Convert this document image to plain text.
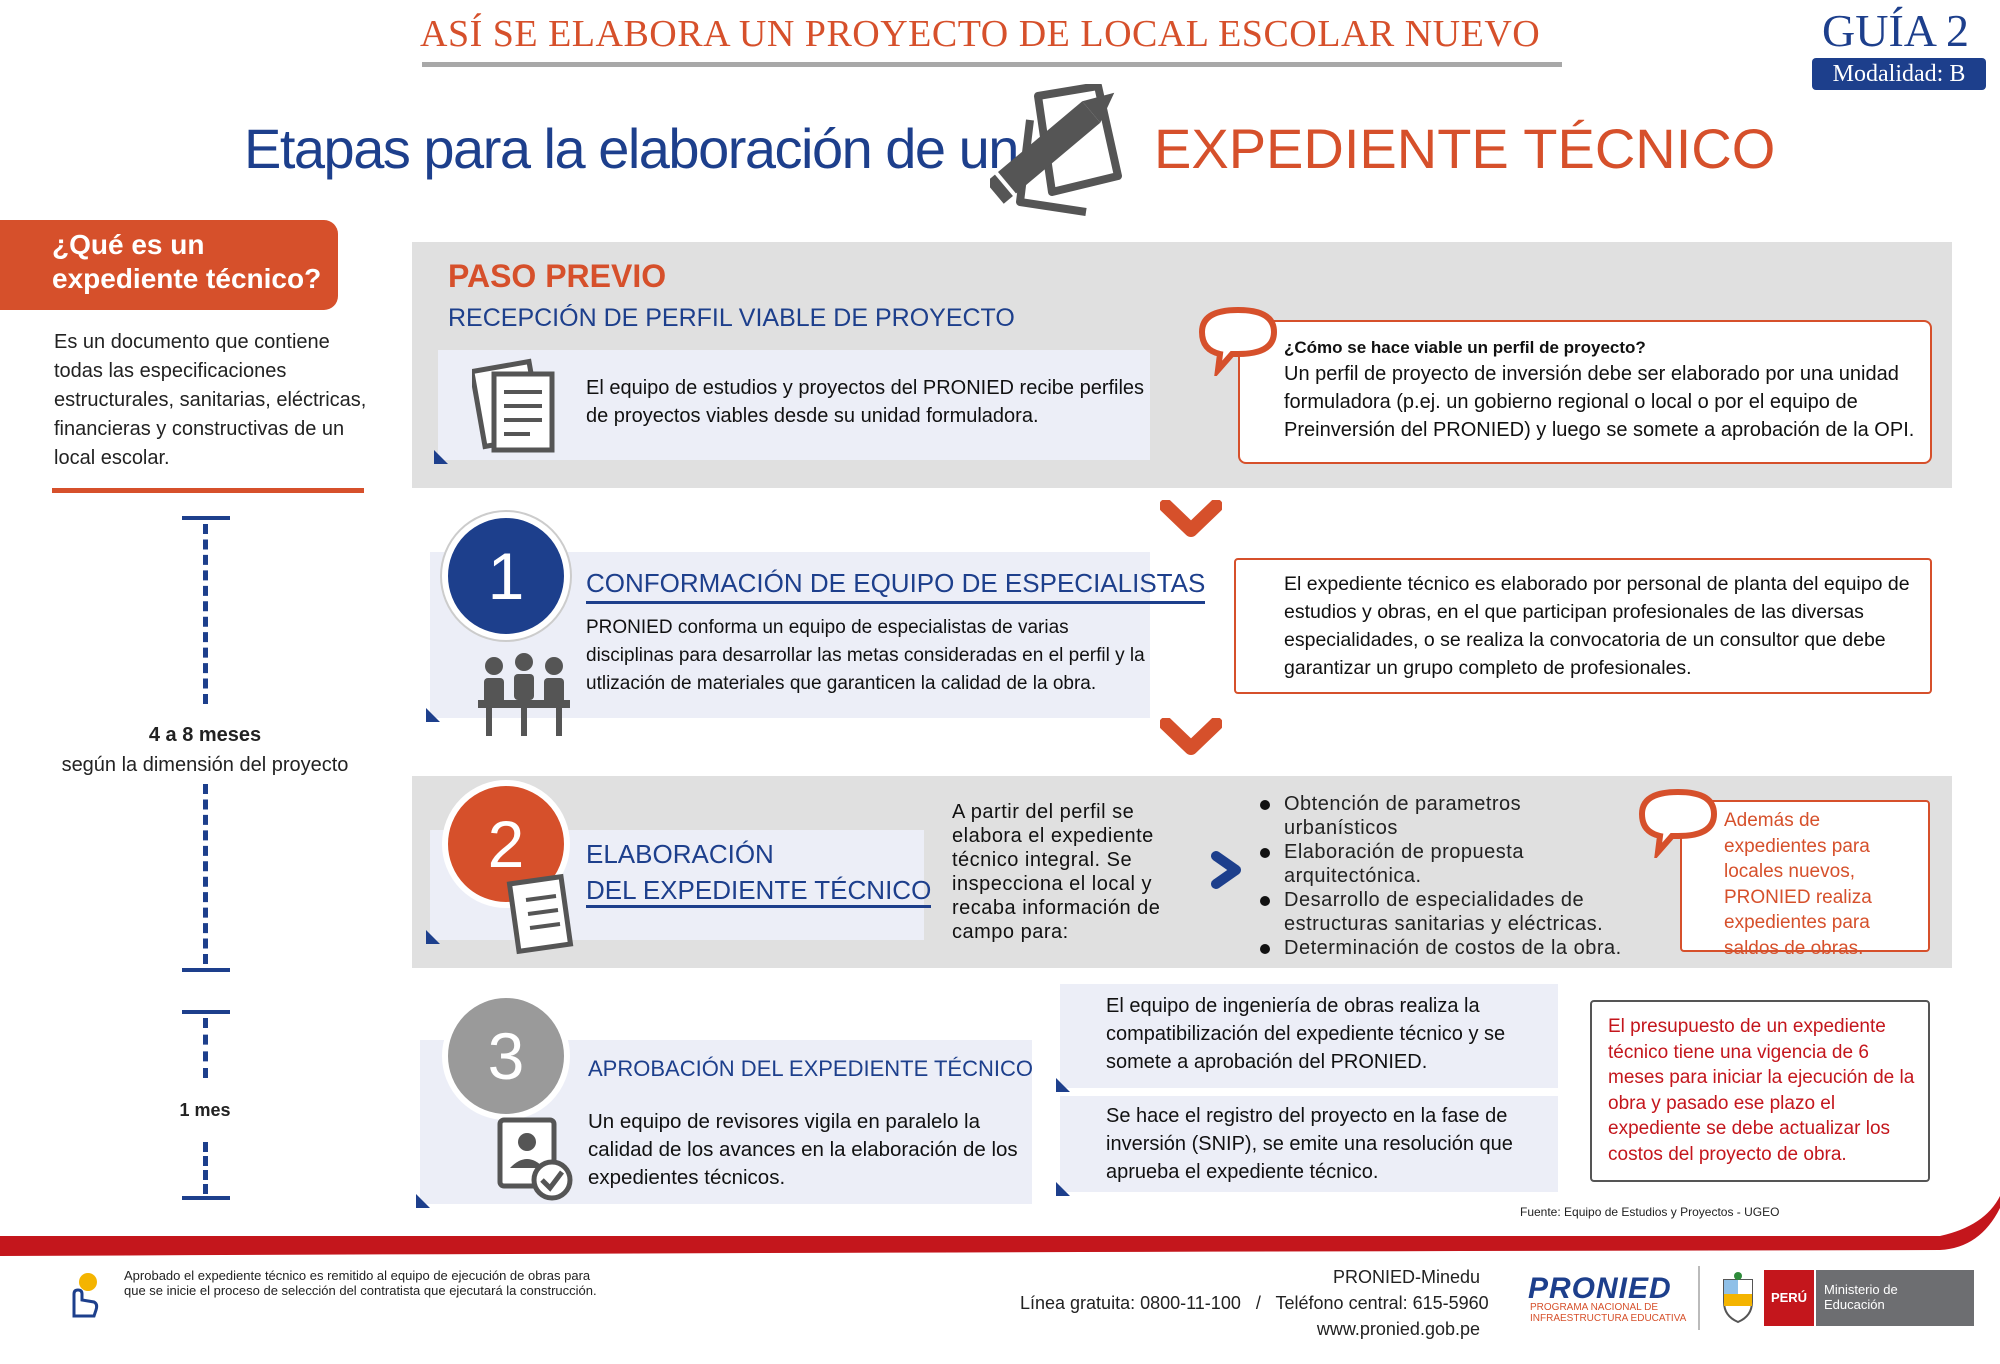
ASÍ SE ELABORA UN PROYECTO DE LOCAL ESCOLAR NUEVO	GUÍA 2
Modalidad: B
Etapas para la elaboración de un EXPEDIENTE TÉCNICO
¿Qué es un expediente técnico?
Es un documento que contiene todas las especificaciones estructurales, sanitarias, eléctricas, financieras y constructivas de un local escolar.
4 a 8 meses
según la dimensión del proyecto
1 mes
PASO PREVIO
RECEPCIÓN DE PERFIL VIABLE DE PROYECTO
El equipo de estudios y proyectos del PRONIED recibe perfiles de proyectos viables desde su unidad formuladora.
¿Cómo se hace viable un perfil de proyecto?
Un perfil de proyecto de inversión debe ser elaborado por una unidad formuladora (p.ej. un gobierno regional o local o por el equipo de Preinversión del PRONIED) y luego se somete a aprobación de la OPI.
1	CONFORMACIÓN DE EQUIPO DE ESPECIALISTAS
PRONIED conforma un equipo de especialistas de varias disciplinas para desarrollar las metas consideradas en el perfil y la utlización de materiales que garanticen la calidad de la obra.
El expediente técnico es elaborado por personal de planta del equipo de estudios y obras, en el que participan profesionales de las diversas especialidades, o se realiza la convocatoria de un consultor que debe garantizar un grupo completo de profesionales.
2	ELABORACIÓN
DEL EXPEDIENTE TÉCNICO
A partir del perfil se elabora el expediente técnico integral. Se inspecciona el local y recaba información de campo para:
Obtención de parametros urbanísticos
Elaboración de propuesta arquitectónica.
Desarrollo de especialidades de estructuras sanitarias y eléctricas.
Determinación de costos de la obra.
Además de expedientes para locales nuevos, PRONIED realiza expedientes para saldos de obras.
3	APROBACIÓN DEL EXPEDIENTE TÉCNICO
Un equipo de revisores vigila en paralelo la calidad de los avances en la elaboración de los expedientes técnicos.
El equipo de ingeniería de obras realiza la compatibilización del expediente técnico y se somete a aprobación del PRONIED.
Se hace el registro del proyecto en la fase de inversión (SNIP), se emite una resolución que aprueba el expediente técnico.
El presupuesto de un expediente técnico tiene una vigencia de 6 meses para iniciar la ejecución de la obra y pasado ese plazo el expediente se debe actualizar los costos del proyecto de obra.
Fuente: Equipo de Estudios y Proyectos - UGEO
Aprobado el expediente técnico es remitido al equipo de ejecución de obras para que se inicie el proceso de selección del contratista que ejecutará la construcción.
PRONIED-Minedu
Línea gratuita: 0800-11-100   /   Teléfono central: 615-5960
www.pronied.gob.pe
PRONIED
PROGRAMA NACIONAL DE INFRAESTRUCTURA EDUCATIVA
PERÚ
Ministerio de Educación
